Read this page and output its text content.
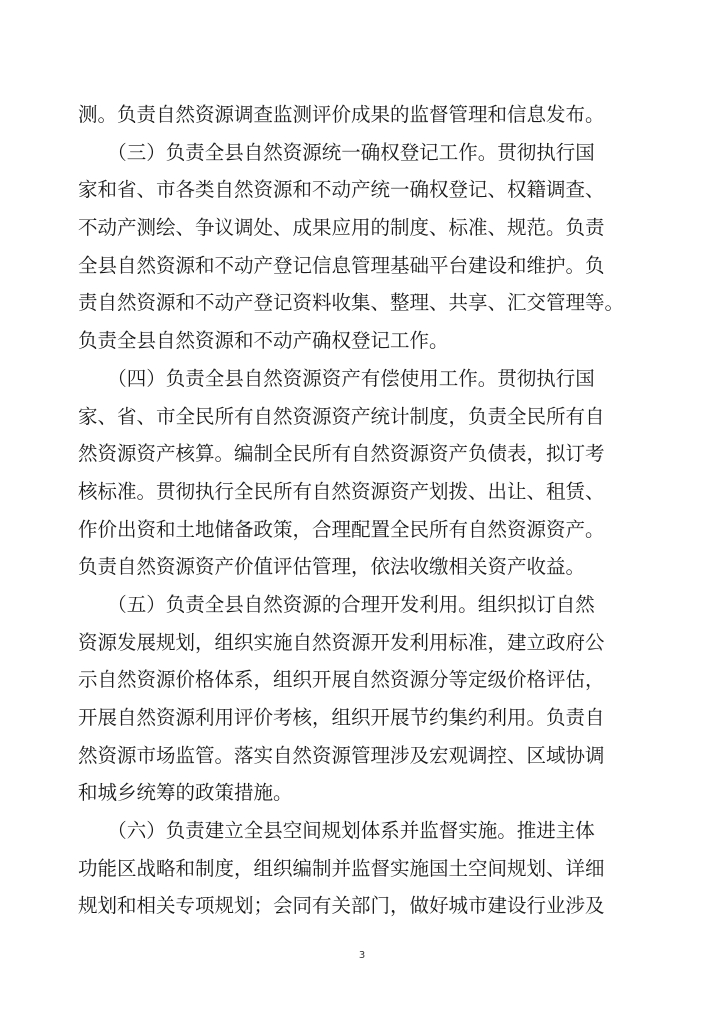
测。负责自然资源调查监测评价成果的监督管理和信息发布。
　　（三）负责全县自然资源统一确权登记工作。贯彻执行国
家和省、市各类自然资源和不动产统一确权登记、权籍调查、
不动产测绘、争议调处、成果应用的制度、标准、规范。负责
全县自然资源和不动产登记信息管理基础平台建设和维护。负
责自然资源和不动产登记资料收集、整理、共享、汇交管理等。
负责全县自然资源和不动产确权登记工作。
　　（四）负责全县自然资源资产有偿使用工作。贯彻执行国
家、省、市全民所有自然资源资产统计制度，负责全民所有自
然资源资产核算。编制全民所有自然资源资产负债表，拟订考
核标准。贯彻执行全民所有自然资源资产划拨、出让、租赁、
作价出资和土地储备政策，合理配置全民所有自然资源资产。
负责自然资源资产价值评估管理，依法收缴相关资产收益。
　　（五）负责全县自然资源的合理开发利用。组织拟订自然
资源发展规划，组织实施自然资源开发利用标准，建立政府公
示自然资源价格体系，组织开展自然资源分等定级价格评估，
开展自然资源利用评价考核，组织开展节约集约利用。负责自
然资源市场监管。落实自然资源管理涉及宏观调控、区域协调
和城乡统筹的政策措施。
　　（六）负责建立全县空间规划体系并监督实施。推进主体
功能区战略和制度，组织编制并监督实施国土空间规划、详细
规划和相关专项规划；会同有关部门，做好城市建设行业涉及
3
